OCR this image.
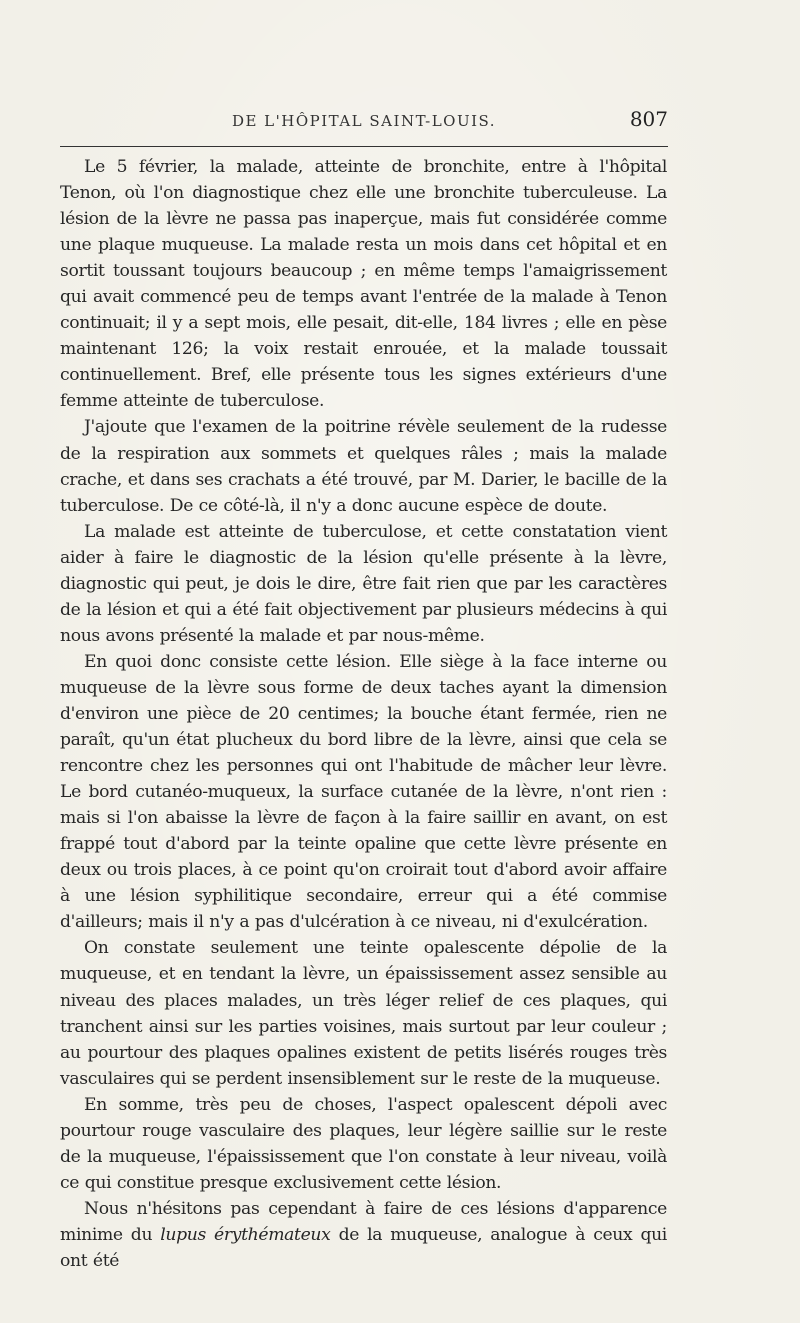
DE L'HÔPITAL SAINT-LOUIS.	807

Le 5 février, la malade, atteinte de bronchite, entre à l'hôpital Tenon, où l'on diagnostique chez elle une bronchite tuberculeuse. La lésion de la lèvre ne passa pas inaperçue, mais fut considérée comme une plaque muqueuse. La malade resta un mois dans cet hôpital et en sortit toussant toujours beaucoup ; en même temps l'amaigrissement qui avait commencé peu de temps avant l'entrée de la malade à Tenon continuait; il y a sept mois, elle pesait, dit-elle, 184 livres ; elle en pèse maintenant 126; la voix restait enrouée, et la malade toussait continuellement. Bref, elle présente tous les signes extérieurs d'une femme atteinte de tuberculose.

J'ajoute que l'examen de la poitrine révèle seulement de la rudesse de la respiration aux sommets et quelques râles ; mais la malade crache, et dans ses crachats a été trouvé, par M. Darier, le bacille de la tuberculose. De ce côté-là, il n'y a donc aucune espèce de doute.

La malade est atteinte de tuberculose, et cette constatation vient aider à faire le diagnostic de la lésion qu'elle présente à la lèvre, diagnostic qui peut, je dois le dire, être fait rien que par les caractères de la lésion et qui a été fait objectivement par plusieurs médecins à qui nous avons présenté la malade et par nous-même.

En quoi donc consiste cette lésion. Elle siège à la face interne ou muqueuse de la lèvre sous forme de deux taches ayant la dimension d'environ une pièce de 20 centimes; la bouche étant fermée, rien ne paraît, qu'un état plucheux du bord libre de la lèvre, ainsi que cela se rencontre chez les personnes qui ont l'habitude de mâcher leur lèvre. Le bord cutanéo-muqueux, la surface cutanée de la lèvre, n'ont rien : mais si l'on abaisse la lèvre de façon à la faire saillir en avant, on est frappé tout d'abord par la teinte opaline que cette lèvre présente en deux ou trois places, à ce point qu'on croirait tout d'abord avoir affaire à une lésion syphilitique secondaire, erreur qui a été commise d'ailleurs; mais il n'y a pas d'ulcération à ce niveau, ni d'exulcération.

On constate seulement une teinte opalescente dépolie de la muqueuse, et en tendant la lèvre, un épaississement assez sensible au niveau des places malades, un très léger relief de ces plaques, qui tranchent ainsi sur les parties voisines, mais surtout par leur couleur ; au pourtour des plaques opalines existent de petits lisérés rouges très vasculaires qui se perdent insensiblement sur le reste de la muqueuse.

En somme, très peu de choses, l'aspect opalescent dépoli avec pourtour rouge vasculaire des plaques, leur légère saillie sur le reste de la muqueuse, l'épaississement que l'on constate à leur niveau, voilà ce qui constitue presque exclusivement cette lésion.

Nous n'hésitons pas cependant à faire de ces lésions d'apparence minime du lupus érythémateux de la muqueuse, analogue à ceux qui ont été
